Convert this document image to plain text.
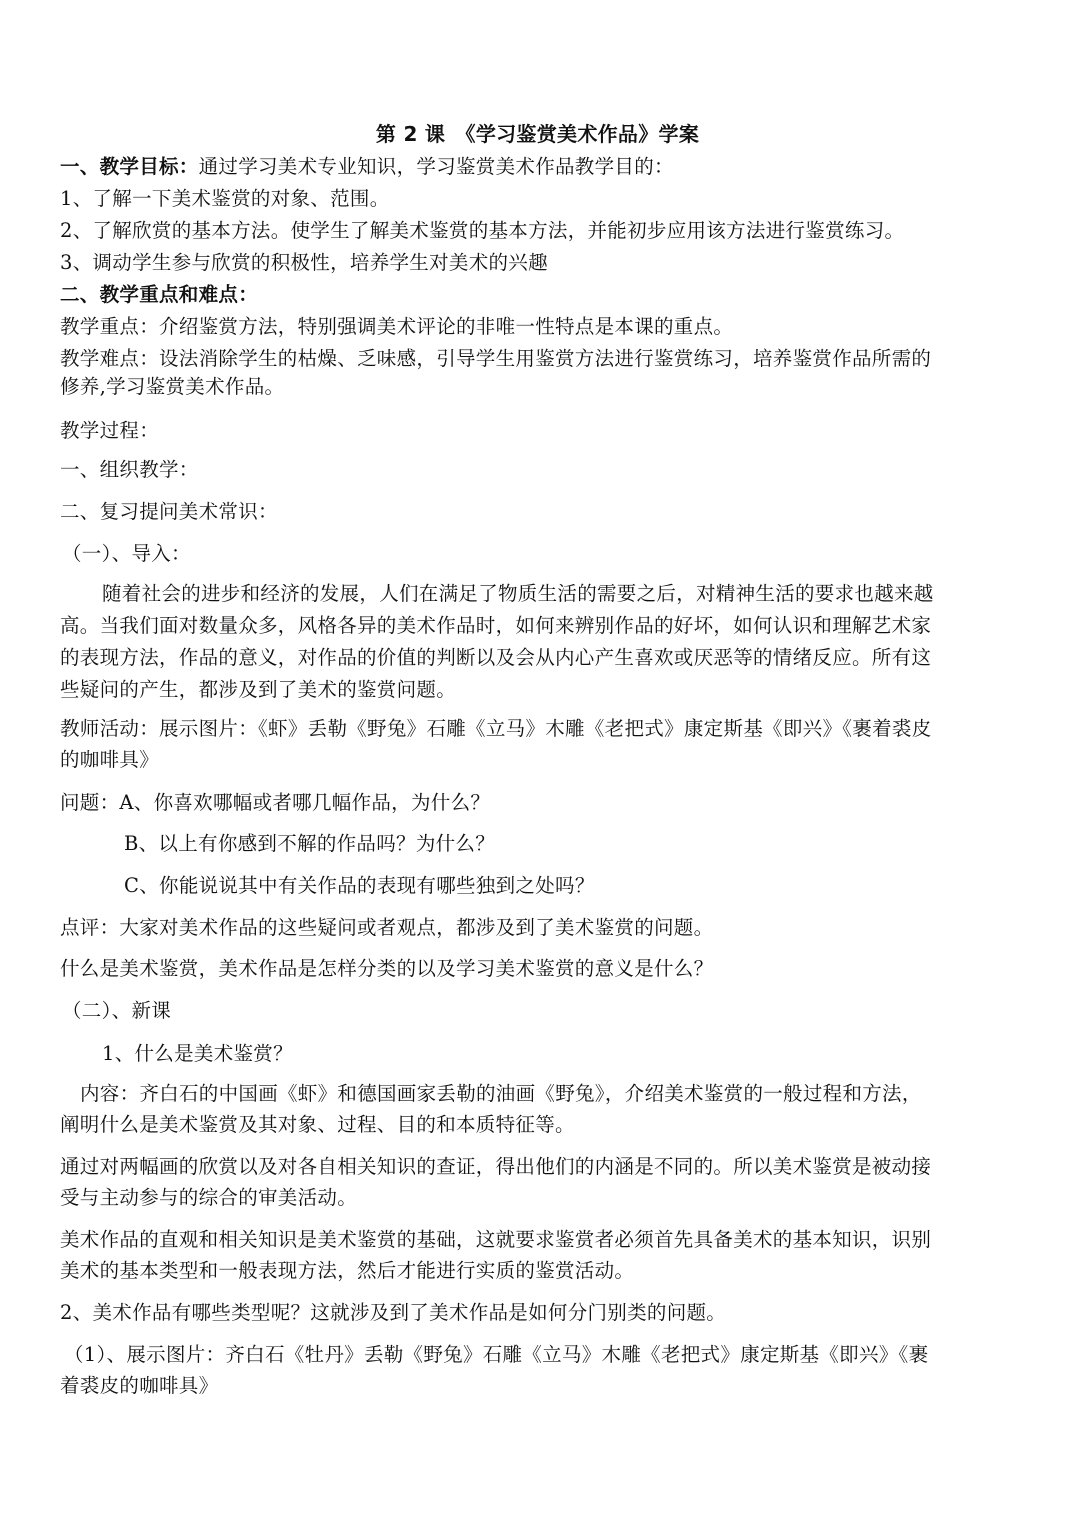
第 2 课　《学习鉴赏美术作品》学案
一、教学目标：通过学习美术专业知识，学习鉴赏美术作品教学目的：
1、了解一下美术鉴赏的对象、范围。
2、了解欣赏的基本方法。使学生了解美术鉴赏的基本方法，并能初步应用该方法进行鉴赏练习。
3、调动学生参与欣赏的积极性，培养学生对美术的兴趣
二、教学重点和难点：
教学重点：介绍鉴赏方法，特别强调美术评论的非唯一性特点是本课的重点。
教学难点：设法消除学生的枯燥、乏味感，引导学生用鉴赏方法进行鉴赏练习，培养鉴赏作品所需的
修养,学习鉴赏美术作品。
教学过程：
一、组织教学：
二、复习提问美术常识：
（一）、导入：
随着社会的进步和经济的发展，人们在满足了物质生活的需要之后，对精神生活的要求也越来越
高。当我们面对数量众多，风格各异的美术作品时，如何来辨别作品的好坏，如何认识和理解艺术家
的表现方法，作品的意义，对作品的价值的判断以及会从内心产生喜欢或厌恶等的情绪反应。所有这
些疑问的产生，都涉及到了美术的鉴赏问题。
教师活动：展示图片：《虾》丢勒《野兔》石雕《立马》木雕《老把式》康定斯基《即兴》《裹着裘皮
的咖啡具》
问题：A、你喜欢哪幅或者哪几幅作品，为什么？
B、以上有你感到不解的作品吗？为什么？
C、你能说说其中有关作品的表现有哪些独到之处吗？
点评：大家对美术作品的这些疑问或者观点，都涉及到了美术鉴赏的问题。
什么是美术鉴赏，美术作品是怎样分类的以及学习美术鉴赏的意义是什么？
（二）、新课
1、什么是美术鉴赏？
内容：齐白石的中国画《虾》和德国画家丢勒的油画《野兔》，介绍美术鉴赏的一般过程和方法，
阐明什么是美术鉴赏及其对象、过程、目的和本质特征等。
通过对两幅画的欣赏以及对各自相关知识的查证，得出他们的内涵是不同的。所以美术鉴赏是被动接
受与主动参与的综合的审美活动。
美术作品的直观和相关知识是美术鉴赏的基础，这就要求鉴赏者必须首先具备美术的基本知识，识别
美术的基本类型和一般表现方法，然后才能进行实质的鉴赏活动。
2、美术作品有哪些类型呢？这就涉及到了美术作品是如何分门别类的问题。
（1）、展示图片：齐白石《牡丹》丢勒《野兔》石雕《立马》木雕《老把式》康定斯基《即兴》《裹
着裘皮的咖啡具》
